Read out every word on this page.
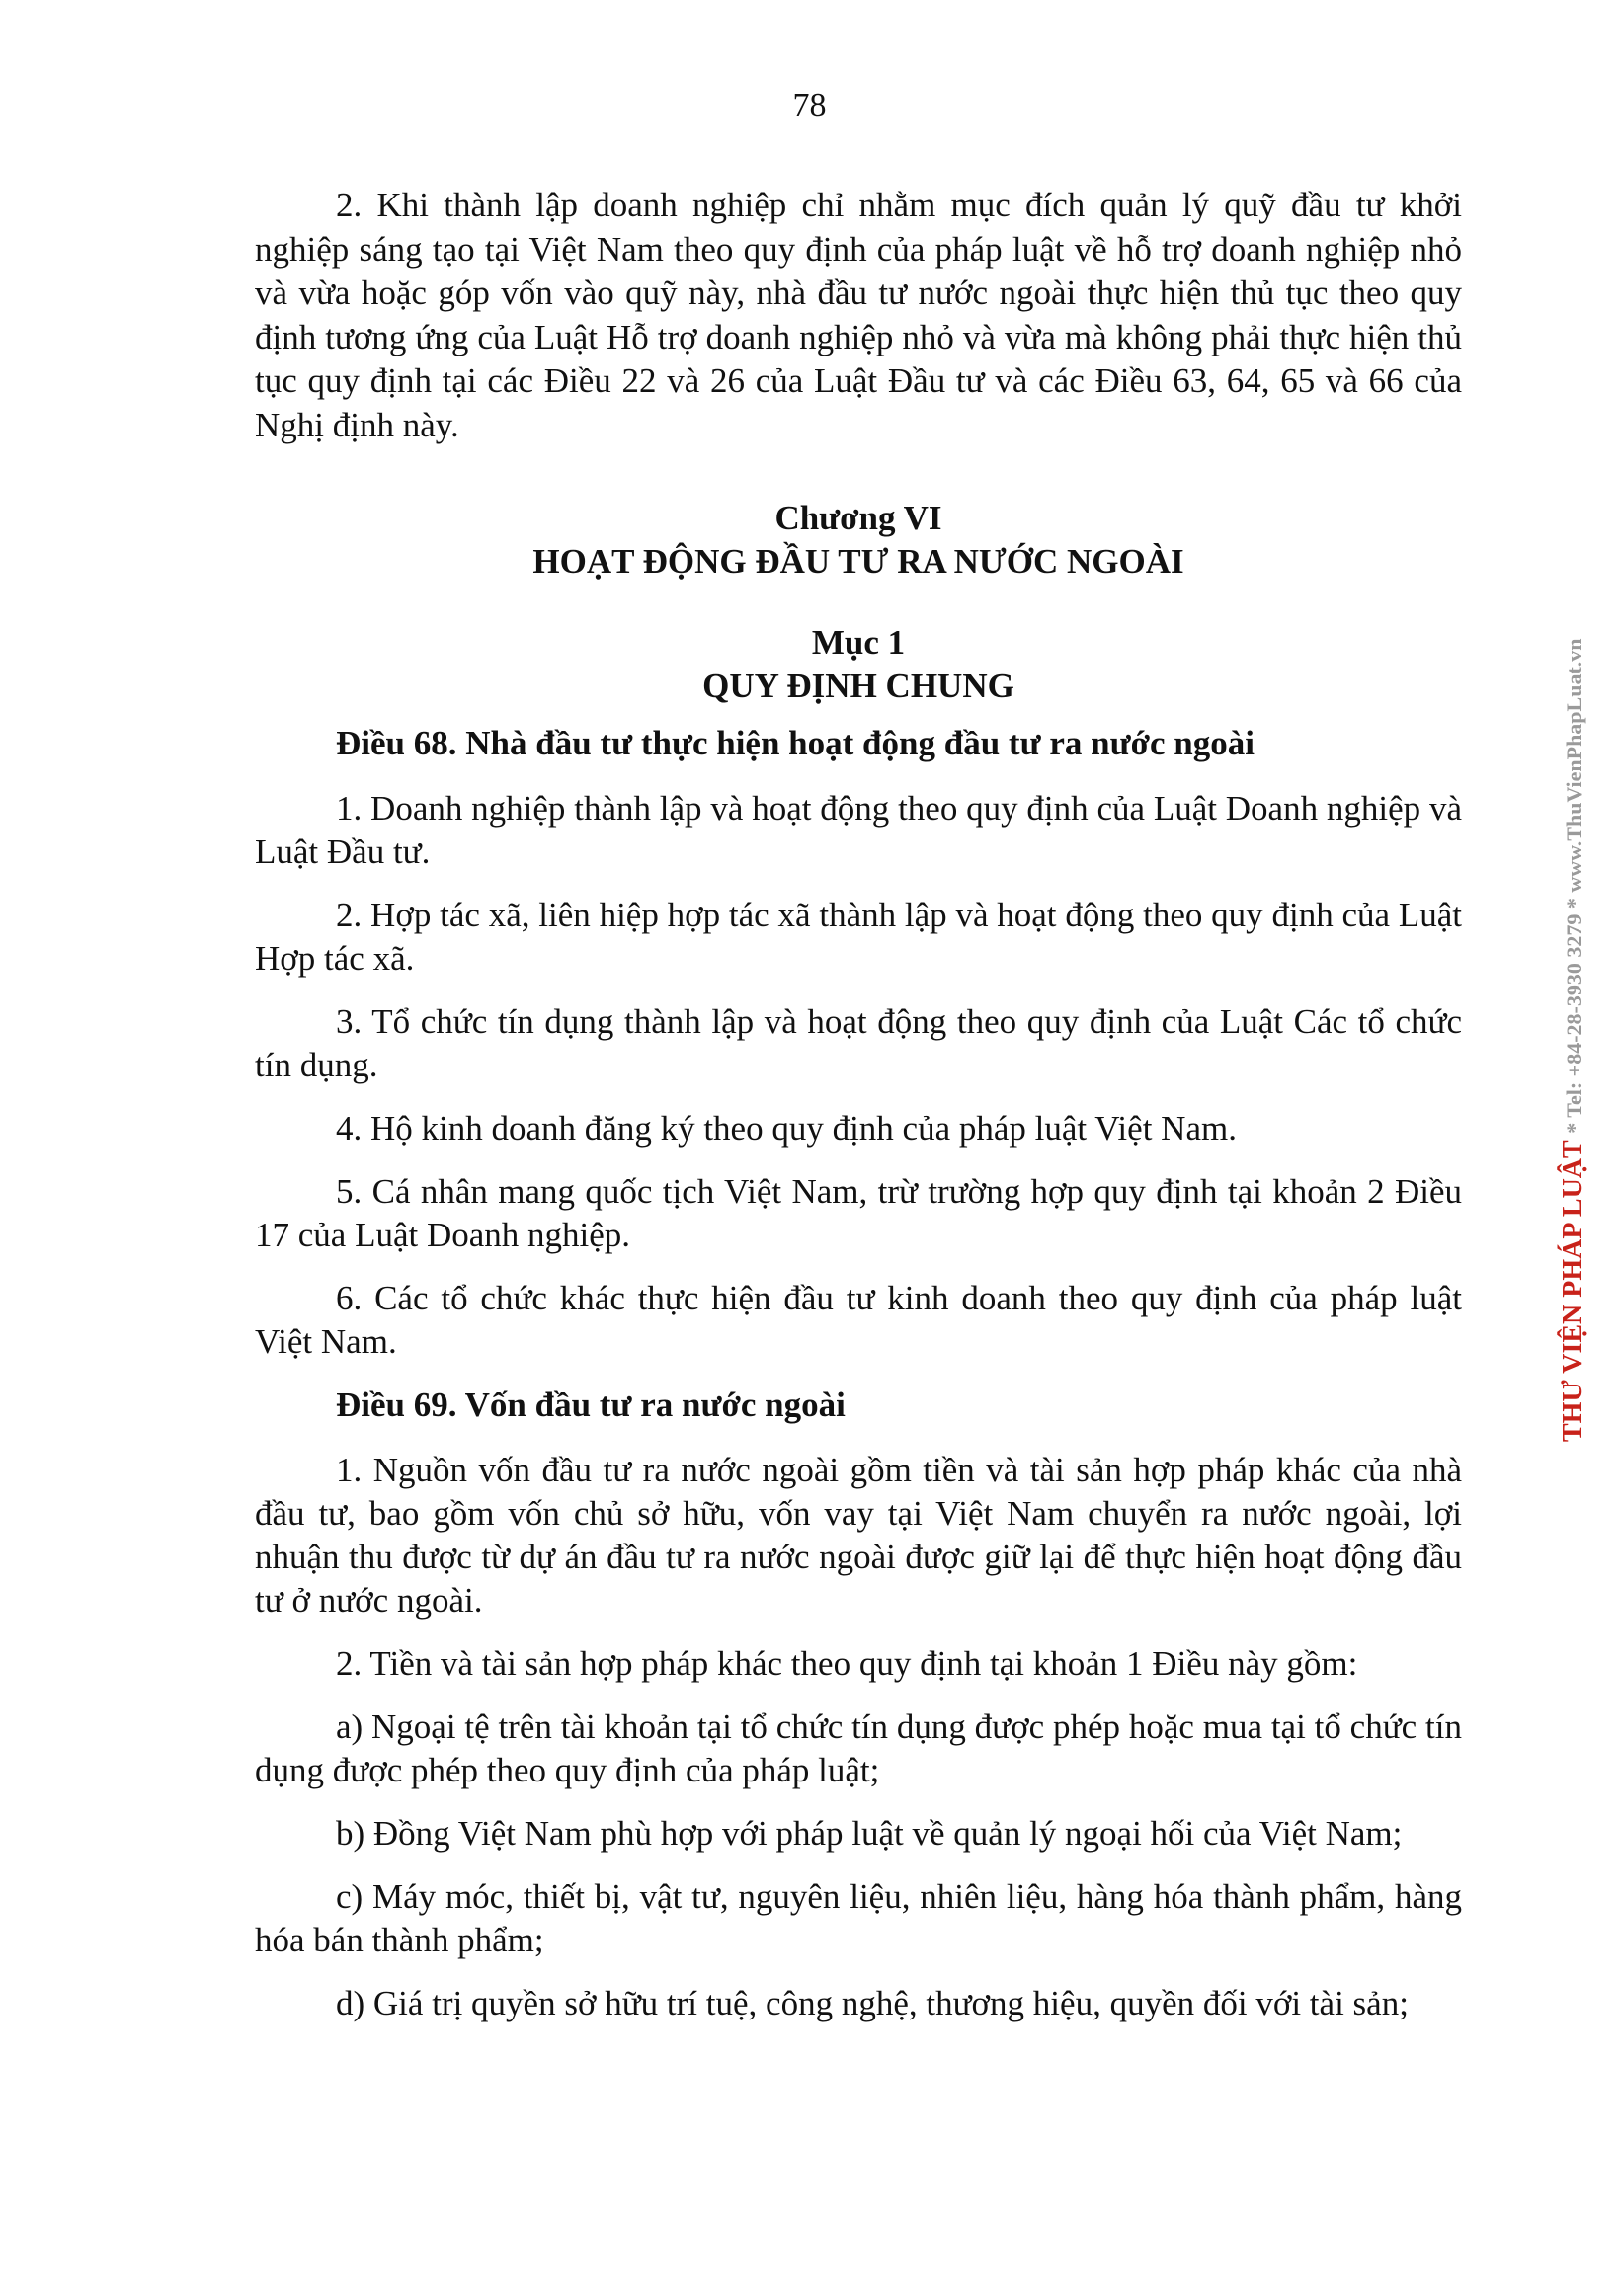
78

2. Khi thành lập doanh nghiệp chỉ nhằm mục đích quản lý quỹ đầu tư khởi nghiệp sáng tạo tại Việt Nam theo quy định của pháp luật về hỗ trợ doanh nghiệp nhỏ và vừa hoặc góp vốn vào quỹ này, nhà đầu tư nước ngoài thực hiện thủ tục theo quy định tương ứng của Luật Hỗ trợ doanh nghiệp nhỏ và vừa mà không phải thực hiện thủ tục quy định tại các Điều 22 và 26 của Luật Đầu tư và các Điều 63, 64, 65 và 66 của Nghị định này.

Chương VI
HOẠT ĐỘNG ĐẦU TƯ RA NƯỚC NGOÀI
Mục 1
QUY ĐỊNH CHUNG
Điều 68. Nhà đầu tư thực hiện hoạt động đầu tư ra nước ngoài

1. Doanh nghiệp thành lập và hoạt động theo quy định của Luật Doanh nghiệp và Luật Đầu tư.

2. Hợp tác xã, liên hiệp hợp tác xã thành lập và hoạt động theo quy định của Luật Hợp tác xã.

3. Tổ chức tín dụng thành lập và hoạt động theo quy định của Luật Các tổ chức tín dụng.

4. Hộ kinh doanh đăng ký theo quy định của pháp luật Việt Nam.

5. Cá nhân mang quốc tịch Việt Nam, trừ trường hợp quy định tại khoản 2 Điều 17 của Luật Doanh nghiệp.

6. Các tổ chức khác thực hiện đầu tư kinh doanh theo quy định của pháp luật Việt Nam.

Điều 69. Vốn đầu tư ra nước ngoài

1. Nguồn vốn đầu tư ra nước ngoài gồm tiền và tài sản hợp pháp khác của nhà đầu tư, bao gồm vốn chủ sở hữu, vốn vay tại Việt Nam chuyển ra nước ngoài, lợi nhuận thu được từ dự án đầu tư ra nước ngoài được giữ lại để thực hiện hoạt động đầu tư ở nước ngoài.

2. Tiền và tài sản hợp pháp khác theo quy định tại khoản 1 Điều này gồm:

a) Ngoại tệ trên tài khoản tại tổ chức tín dụng được phép hoặc mua tại tổ chức tín dụng được phép theo quy định của pháp luật;

b) Đồng Việt Nam phù hợp với pháp luật về quản lý ngoại hối của Việt Nam;

c) Máy móc, thiết bị, vật tư, nguyên liệu, nhiên liệu, hàng hóa thành phẩm, hàng hóa bán thành phẩm;

d) Giá trị quyền sở hữu trí tuệ, công nghệ, thương hiệu, quyền đối với tài sản;

THƯ VIỆN PHÁP LUẬT * Tel: +84-28-3930 3279 * www.ThuVienPhapLuat.vn
